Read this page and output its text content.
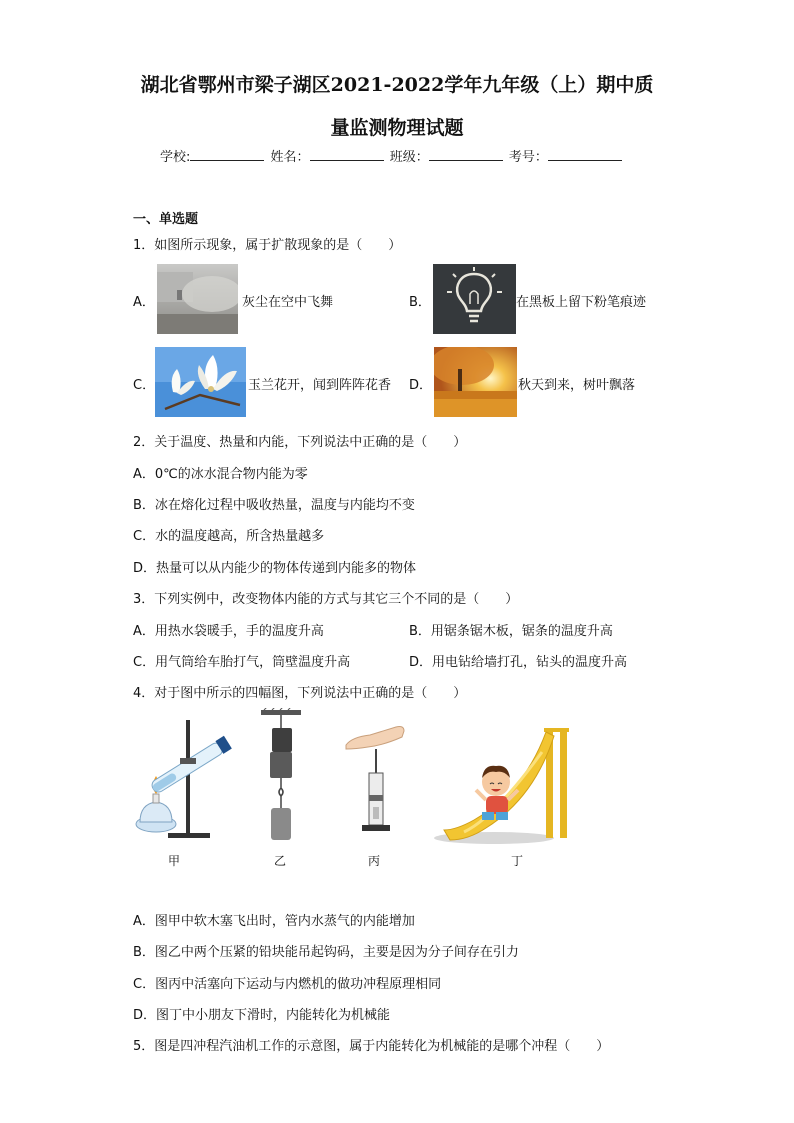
湖北省鄂州市梁子湖区2021-2022学年九年级（上）期中质
量监测物理试题
学校:	姓名：	班级：	考号：
一、单选题
1．如图所示现象，属于扩散现象的是（　　）
A．	灰尘在空中飞舞	B．	在黑板上留下粉笔痕迹
C．	玉兰花开，闻到阵阵花香 D．	秋天到来，树叶飘落
2．关于温度、热量和内能，下列说法中正确的是（　　）
A．0℃的冰水混合物内能为零
B．冰在熔化过程中吸收热量，温度与内能均不变
C．水的温度越高，所含热量越多
D．热量可以从内能少的物体传递到内能多的物体
3．下列实例中，改变物体内能的方式与其它三个不同的是（　　）
A．用热水袋暖手，手的温度升高	B．用锯条锯木板，锯条的温度升高
C．用气筒给车胎打气，筒壁温度升高	D．用电钻给墙打孔，钻头的温度升高
4．对于图中所示的四幅图，下列说法中正确的是（　　）
甲	乙	丙	丁
A．图甲中软木塞飞出时，管内水蒸气的内能增加
B．图乙中两个压紧的铅块能吊起钩码，主要是因为分子间存在引力
C．图丙中活塞向下运动与内燃机的做功冲程原理相同
D．图丁中小朋友下滑时，内能转化为机械能
5．图是四冲程汽油机工作的示意图，属于内能转化为机械能的是哪个冲程（　　）
